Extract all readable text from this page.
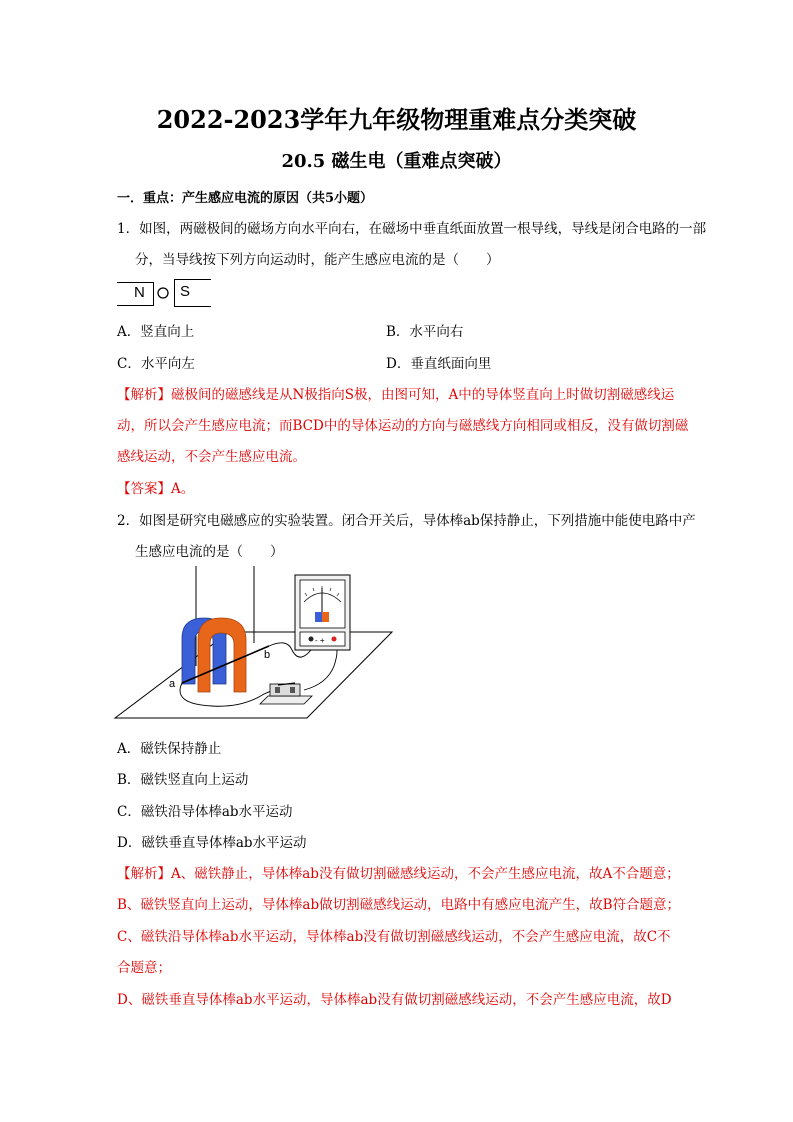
2022-2023学年九年级物理重难点分类突破
20.5 磁生电（重难点突破）
一．重点：产生感应电流的原因（共5小题）
1．如图，两磁极间的磁场方向水平向右，在磁场中垂直纸面放置一根导线，导线是闭合电路的一部
分，当导线按下列方向运动时，能产生感应电流的是（　　）
N S
A．竖直向上	B．水平向右
C．水平向左	D．垂直纸面向里
【解析】磁极间的磁感线是从N极指向S极，由图可知，A中的导体竖直向上时做切割磁感线运
动，所以会产生感应电流；而BCD中的导体运动的方向与磁感线方向相同或相反，没有做切割磁
感线运动，不会产生感应电流。
【答案】A。
2．如图是研究电磁感应的实验装置。闭合开关后，导体棒ab保持静止，下列措施中能使电路中产
生感应电流的是（　　）
a
b
- +
A．磁铁保持静止
B．磁铁竖直向上运动
C．磁铁沿导体棒ab水平运动
D．磁铁垂直导体棒ab水平运动
【解析】A、磁铁静止，导体棒ab没有做切割磁感线运动，不会产生感应电流，故A不合题意；
B、磁铁竖直向上运动，导体棒ab做切割磁感线运动，电路中有感应电流产生，故B符合题意；
C、磁铁沿导体棒ab水平运动，导体棒ab没有做切割磁感线运动，不会产生感应电流，故C不
合题意；
D、磁铁垂直导体棒ab水平运动，导体棒ab没有做切割磁感线运动，不会产生感应电流，故D
